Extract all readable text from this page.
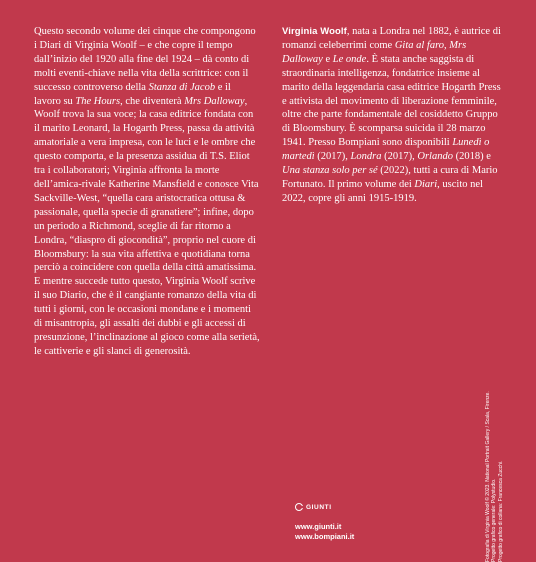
Questo secondo volume dei cinque che compongono i Diari di Virginia Woolf – e che copre il tempo dall’inizio del 1920 alla fine del 1924 – dà conto di molti eventi-chiave nella vita della scrittrice: con il successo controverso della Stanza di Jacob e il lavoro su The Hours, che diventerà Mrs Dalloway, Woolf trova la sua voce; la casa editrice fondata con il marito Leonard, la Hogarth Press, passa da attività amatoriale a vera impresa, con le luci e le ombre che questo comporta, e la presenza assidua di T.S. Eliot tra i collaboratori; Virginia affronta la morte dell’amica-rivale Katherine Mansfield e conosce Vita Sackville-West, “quella cara aristocratica ottusa & passionale, quella specie di granatiere”; infine, dopo un periodo a Richmond, sceglie di far ritorno a Londra, “diaspro di giocondità”, proprio nel cuore di Bloomsbury: la sua vita affettiva e quotidiana torna perciò a coincidere con quella della città amatissima.

E mentre succede tutto questo, Virginia Woolf scrive il suo Diario, che è il cangiante romanzo della vita di tutti i giorni, con le occasioni mondane e i momenti di misantropia, gli assalti dei dubbi e gli accessi di presunzione, l’inclinazione al gioco come alla serietà, le cattiverie e gli slanci di generosità.

Virginia Woolf, nata a Londra nel 1882, è autrice di romanzi celeberrimi come Gita al faro, Mrs Dalloway e Le onde. È stata anche saggista di straordinaria intelligenza, fondatrice insieme al marito della leggendaria casa editrice Hogarth Press e attivista del movimento di liberazione femminile, oltre che parte fondamentale del cosiddetto Gruppo di Bloomsbury. È scomparsa suicida il 28 marzo 1941. Presso Bompiani sono disponibili Lunedì o martedì (2017), Londra (2017), Orlando (2018) e Una stanza solo per sé (2022), tutti a cura di Mario Fortunato. Il primo volume dei Diari, uscito nel 2022, copre gli anni 1915-1919.

GIUNTI
www.giunti.it
www.bompiani.it	Fotografia di Virginia Woolf © 2023. National Portrait Gallery / Scala, Firenze. Progetto grafico generale: Polystudio. Progetto grafico di collana: Francesca Zucchi.
